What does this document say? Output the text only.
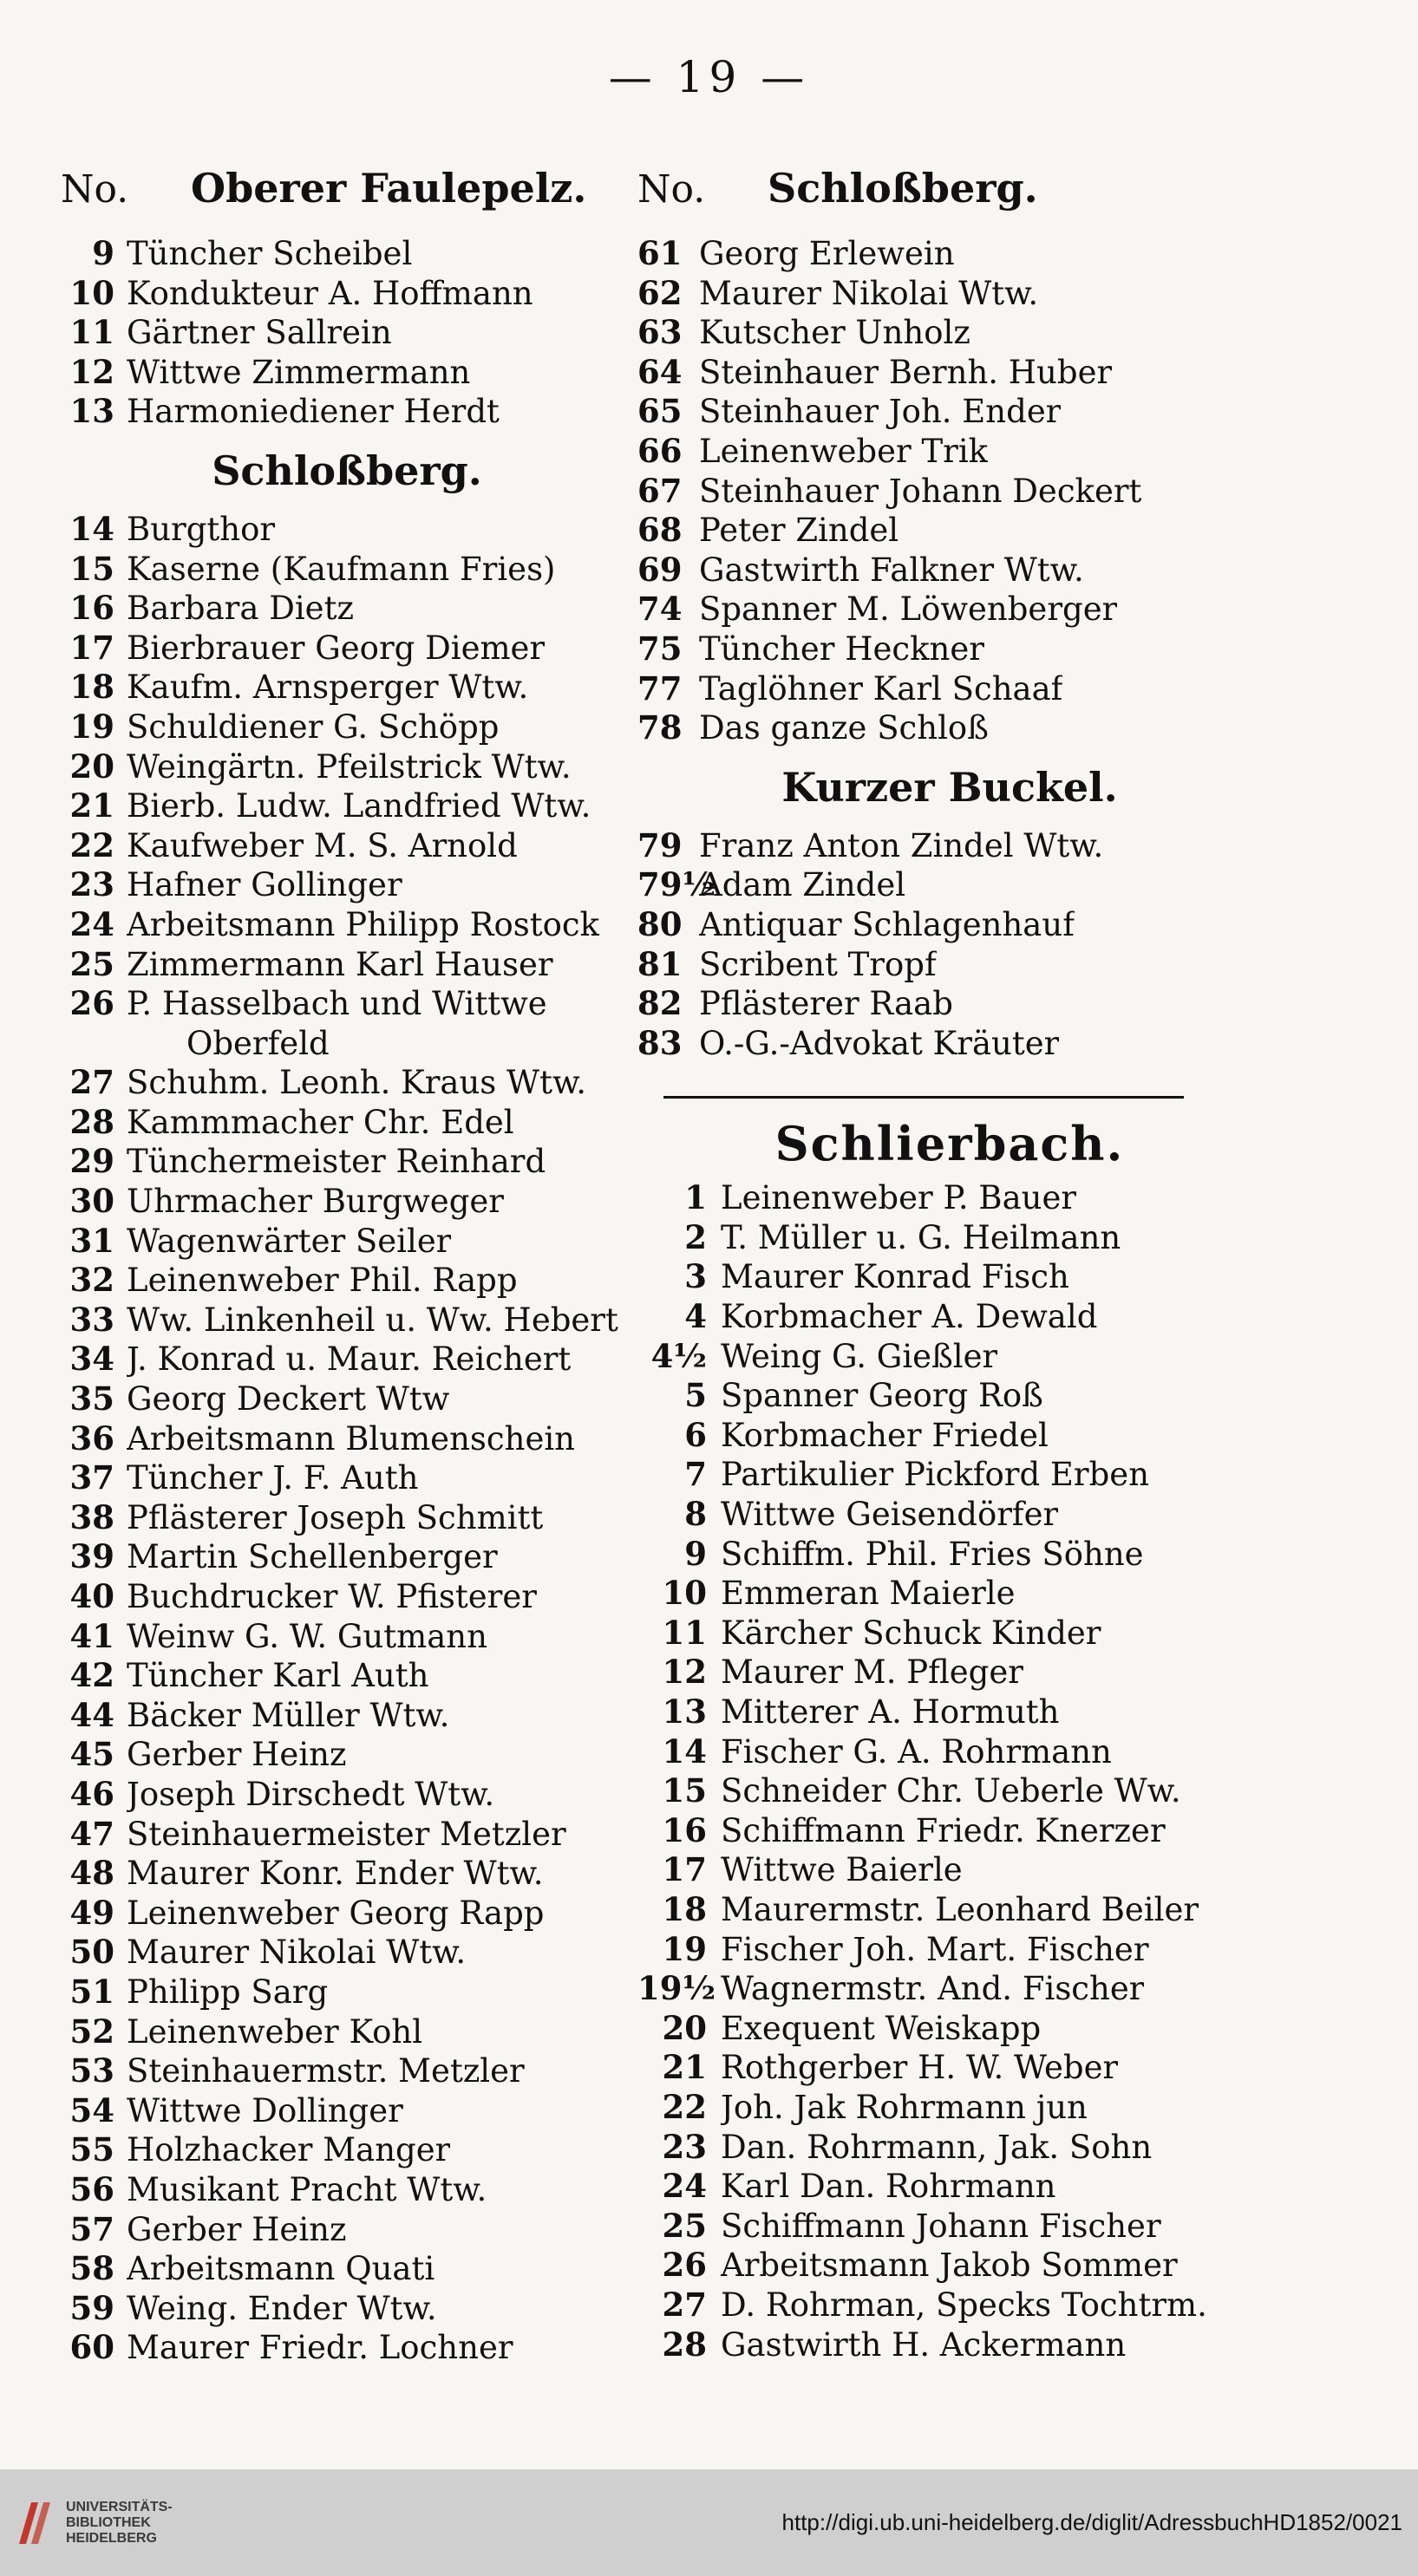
— 19 —
No.	Oberer Faulepelz.
9 Tüncher Scheibel
10 Kondukteur A. Hoffmann
11 Gärtner Sallrein
12 Wittwe Zimmermann
13 Harmoniediener Herdt
Schloßberg.
14 Burgthor
15 Kaserne (Kaufmann Fries)
16 Barbara Dietz
17 Bierbrauer Georg Diemer
18 Kaufm. Arnsperger Wtw.
19 Schuldiener G. Schöpp
20 Weingärtn. Pfeilstrick Wtw.
21 Bierb. Ludw. Landfried Wtw.
22 Kaufweber M. S. Arnold
23 Hafner Gollinger
24 Arbeitsmann Philipp Rostock
25 Zimmermann Karl Hauser
26 P. Hasselbach und Wittwe
Oberfeld
27 Schuhm. Leonh. Kraus Wtw.
28 Kammmacher Chr. Edel
29 Tünchermeister Reinhard
30 Uhrmacher Burgweger
31 Wagenwärter Seiler
32 Leinenweber Phil. Rapp
33 Ww. Linkenheil u. Ww. Hebert
34 J. Konrad u. Maur. Reichert
35 Georg Deckert Wtw
36 Arbeitsmann Blumenschein
37 Tüncher J. F. Auth
38 Pflästerer Joseph Schmitt
39 Martin Schellenberger
40 Buchdrucker W. Pfisterer
41 Weinw G. W. Gutmann
42 Tüncher Karl Auth
44 Bäcker Müller Wtw.
45 Gerber Heinz
46 Joseph Dirschedt Wtw.
47 Steinhauermeister Metzler
48 Maurer Konr. Ender Wtw.
49 Leinenweber Georg Rapp
50 Maurer Nikolai Wtw.
51 Philipp Sarg
52 Leinenweber Kohl
53 Steinhauermstr. Metzler
54 Wittwe Dollinger
55 Holzhacker Manger
56 Musikant Pracht Wtw.
57 Gerber Heinz
58 Arbeitsmann Quati
59 Weing. Ender Wtw.
60 Maurer Friedr. Lochner
No.	Schloßberg.
61 Georg Erlewein
62 Maurer Nikolai Wtw.
63 Kutscher Unholz
64 Steinhauer Bernh. Huber
65 Steinhauer Joh. Ender
66 Leinenweber Trik
67 Steinhauer Johann Deckert
68 Peter Zindel
69 Gastwirth Falkner Wtw.
74 Spanner M. Löwenberger
75 Tüncher Heckner
77 Taglöhner Karl Schaaf
78 Das ganze Schloß
Kurzer Buckel.
79 Franz Anton Zindel Wtw.
79½
Adam Zindel
80 Antiquar Schlagenhauf
81 Scribent Tropf
82 Pflästerer Raab
83 O.-G.-Advokat Kräuter
Schlierbach.
1 Leinenweber P. Bauer
2 T. Müller u. G. Heilmann
3 Maurer Konrad Fisch
4 Korbmacher A. Dewald
4½ Weing G. Gießler
5 Spanner Georg Roß
6 Korbmacher Friedel
7 Partikulier Pickford Erben
8 Wittwe Geisendörfer
9 Schiffm. Phil. Fries Söhne
10 Emmeran Maierle
11 Kärcher Schuck Kinder
12 Maurer M. Pfleger
13 Mitterer A. Hormuth
14 Fischer G. A. Rohrmann
15 Schneider Chr. Ueberle Ww.
16 Schiffmann Friedr. Knerzer
17 Wittwe Baierle
18 Maurermstr. Leonhard Beiler
19 Fischer Joh. Mart. Fischer
19½ Wagnermstr. And. Fischer
20 Exequent Weiskapp
21 Rothgerber H. W. Weber
22 Joh. Jak Rohrmann jun
23 Dan. Rohrmann, Jak. Sohn
24 Karl Dan. Rohrmann
25 Schiffmann Johann Fischer
26 Arbeitsmann Jakob Sommer
27 D. Rohrman, Specks Tochtrm.
28 Gastwirth H. Ackermann
UNIVERSITÄTS-
BIBLIOTHEK
HEIDELBERG
http://digi.ub.uni-heidelberg.de/diglit/AdressbuchHD1852/0021
